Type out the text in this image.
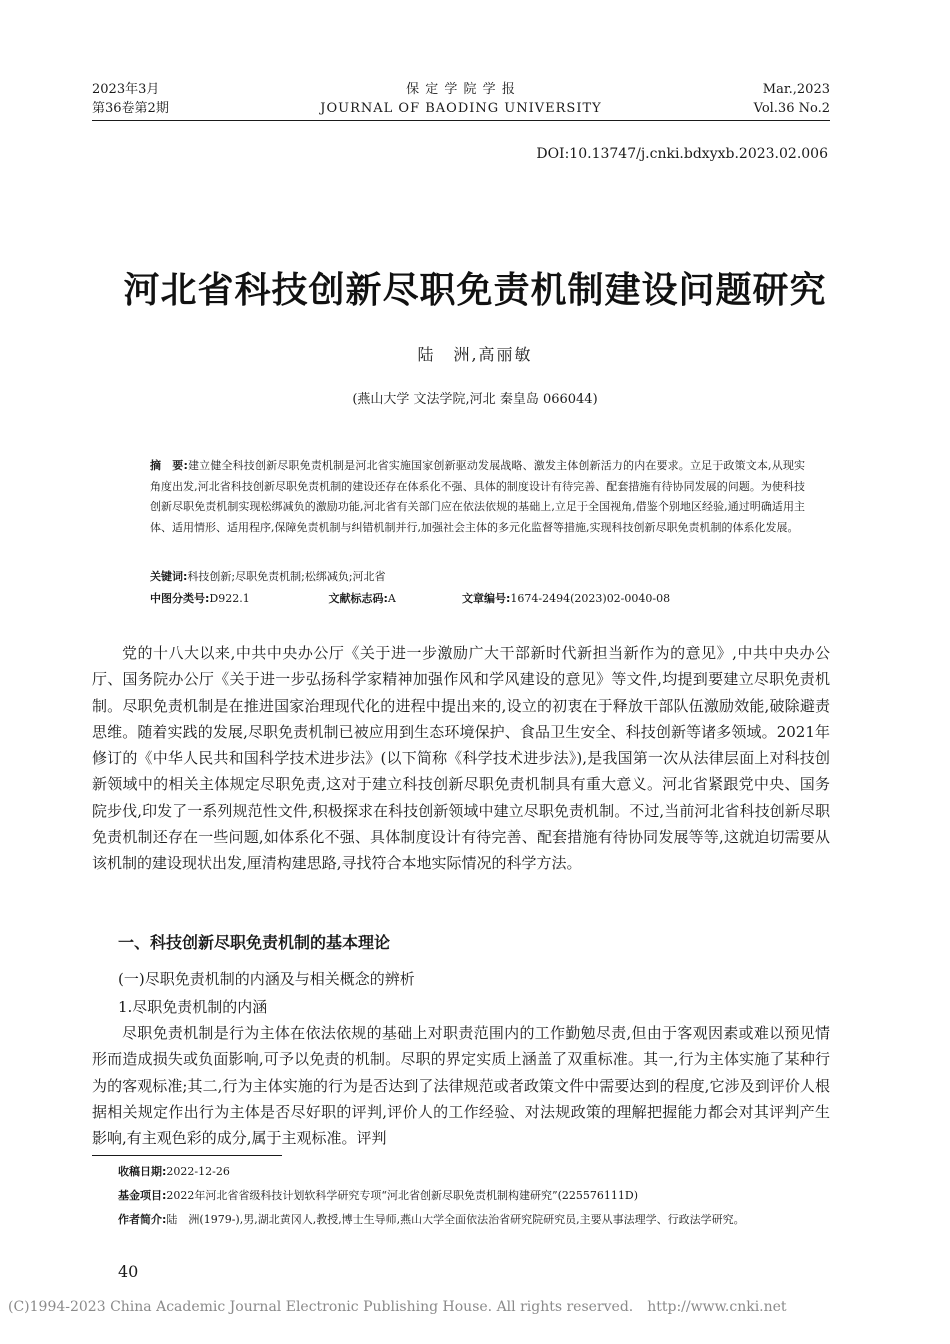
2023年3月
第36卷第2期
保 定 学 院 学 报
JOURNAL OF BAODING UNIVERSITY
Mar.,2023
Vol.36 No.2
DOI:10.13747/j.cnki.bdxyxb.2023.02.006
河北省科技创新尽职免责机制建设问题研究
陆　洲,高丽敏
(燕山大学 文法学院,河北 秦皇岛 066044)
摘　要:建立健全科技创新尽职免责机制是河北省实施国家创新驱动发展战略、激发主体创新活力的内在要求。立足于政策文本,从现实角度出发,河北省科技创新尽职免责机制的建设还存在体系化不强、具体的制度设计有待完善、配套措施有待协同发展的问题。为使科技创新尽职免责机制实现松绑减负的激励功能,河北省有关部门应在依法依规的基础上,立足于全国视角,借鉴个别地区经验,通过明确适用主体、适用情形、适用程序,保障免责机制与纠错机制并行,加强社会主体的多元化监督等措施,实现科技创新尽职免责机制的体系化发展。
关键词:科技创新;尽职免责机制;松绑减负;河北省
中图分类号:D922.1	文献标志码:A	文章编号:1674-2494(2023)02-0040-08

党的十八大以来,中共中央办公厅《关于进一步激励广大干部新时代新担当新作为的意见》,中共中央办公厅、国务院办公厅《关于进一步弘扬科学家精神加强作风和学风建设的意见》等文件,均提到要建立尽职免责机制。尽职免责机制是在推进国家治理现代化的进程中提出来的,设立的初衷在于释放干部队伍激励效能,破除避责思维。随着实践的发展,尽职免责机制已被应用到生态环境保护、食品卫生安全、科技创新等诸多领域。2021年修订的《中华人民共和国科学技术进步法》(以下简称《科学技术进步法》),是我国第一次从法律层面上对科技创新领域中的相关主体规定尽职免责,这对于建立科技创新尽职免责机制具有重大意义。河北省紧跟党中央、国务院步伐,印发了一系列规范性文件,积极探求在科技创新领域中建立尽职免责机制。不过,当前河北省科技创新尽职免责机制还存在一些问题,如体系化不强、具体制度设计有待完善、配套措施有待协同发展等等,这就迫切需要从该机制的建设现状出发,厘清构建思路,寻找符合本地实际情况的科学方法。

一、科技创新尽职免责机制的基本理论
(一)尽职免责机制的内涵及与相关概念的辨析
1.尽职免责机制的内涵

尽职免责机制是行为主体在依法依规的基础上对职责范围内的工作勤勉尽责,但由于客观因素或难以预见情形而造成损失或负面影响,可予以免责的机制。尽职的界定实质上涵盖了双重标准。其一,行为主体实施了某种行为的客观标准;其二,行为主体实施的行为是否达到了法律规范或者政策文件中需要达到的程度,它涉及到评价人根据相关规定作出行为主体是否尽好职的评判,评价人的工作经验、对法规政策的理解把握能力都会对其评判产生影响,有主观色彩的成分,属于主观标准。评判

收稿日期:2022-12-26
基金项目:2022年河北省省级科技计划软科学研究专项“河北省创新尽职免责机制构建研究”(225576111D)
作者简介:陆　洲(1979-),男,湖北黄冈人,教授,博士生导师,燕山大学全面依法治省研究院研究员,主要从事法理学、行政法学研究。
40
(C)1994-2023 China Academic Journal Electronic Publishing House. All rights reserved.　http://www.cnki.net
